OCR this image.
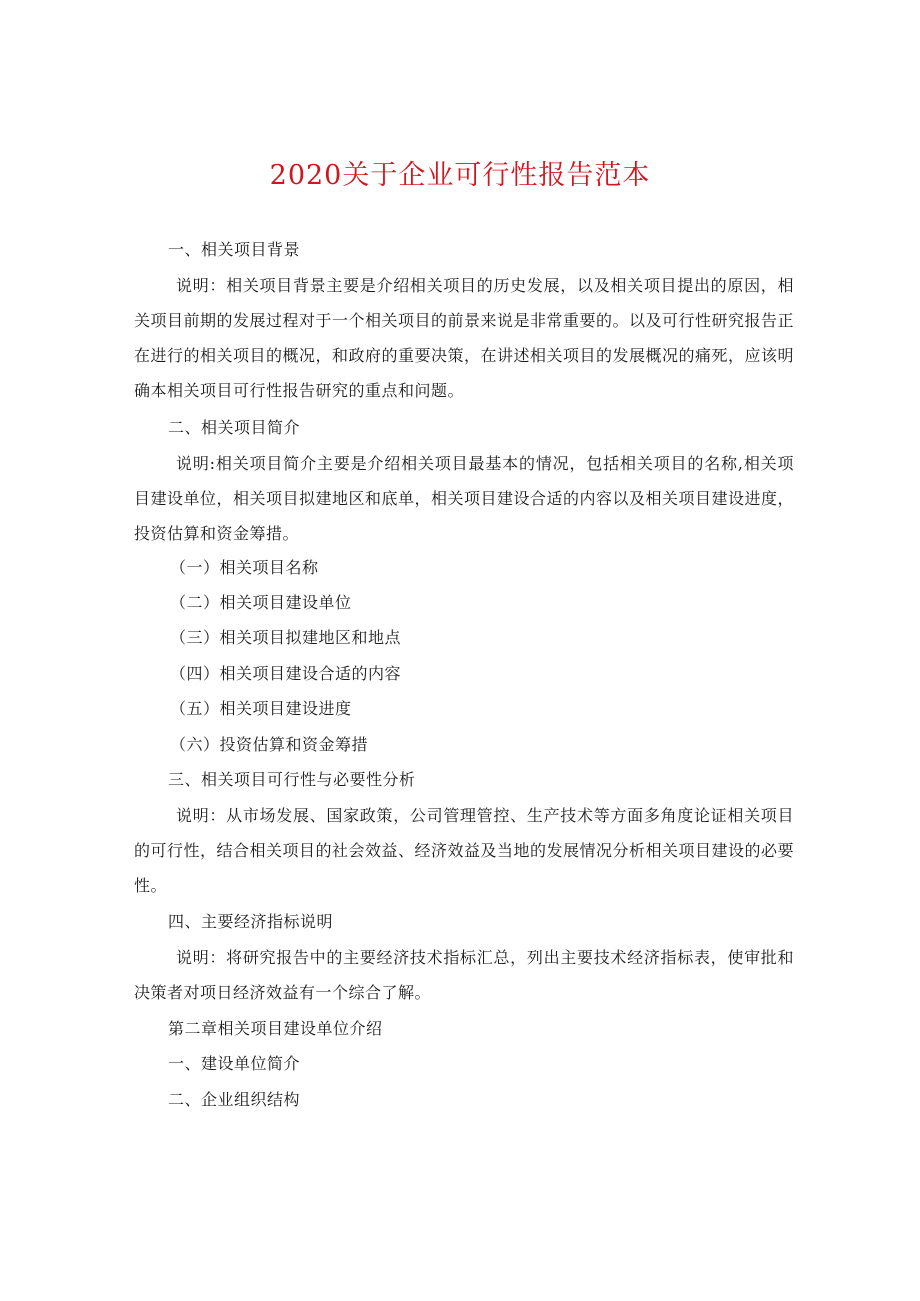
2020关于企业可行性报告范本
一、相关项目背景
说明：相关项目背景主要是介绍相关项目的历史发展，以及相关项目提出的原因，相关项目前期的发展过程对于一个相关项目的前景来说是非常重要的。以及可行性研究报告正在进行的相关项目的概况，和政府的重要决策，在讲述相关项目的发展概况的痛死，应该明确本相关项目可行性报告研究的重点和问题。
二、相关项目简介
说明:相关项目简介主要是介绍相关项目最基本的情况，包括相关项目的名称,相关项目建设单位，相关项目拟建地区和底单，相关项目建设合适的内容以及相关项目建设进度，投资估算和资金筹措。
（一）相关项目名称
（二）相关项目建设单位
（三）相关项目拟建地区和地点
（四）相关项目建设合适的内容
（五）相关项目建设进度
（六）投资估算和资金筹措
三、相关项目可行性与必要性分析
说明：从市场发展、国家政策，公司管理管控、生产技术等方面多角度论证相关项目的可行性，结合相关项目的社会效益、经济效益及当地的发展情况分析相关项目建设的必要性。
四、主要经济指标说明
说明：将研究报告中的主要经济技术指标汇总，列出主要技术经济指标表，使审批和决策者对项日经济效益有一个综合了解。
第二章相关项目建设单位介绍
一、建设单位简介
二、企业组织结构
